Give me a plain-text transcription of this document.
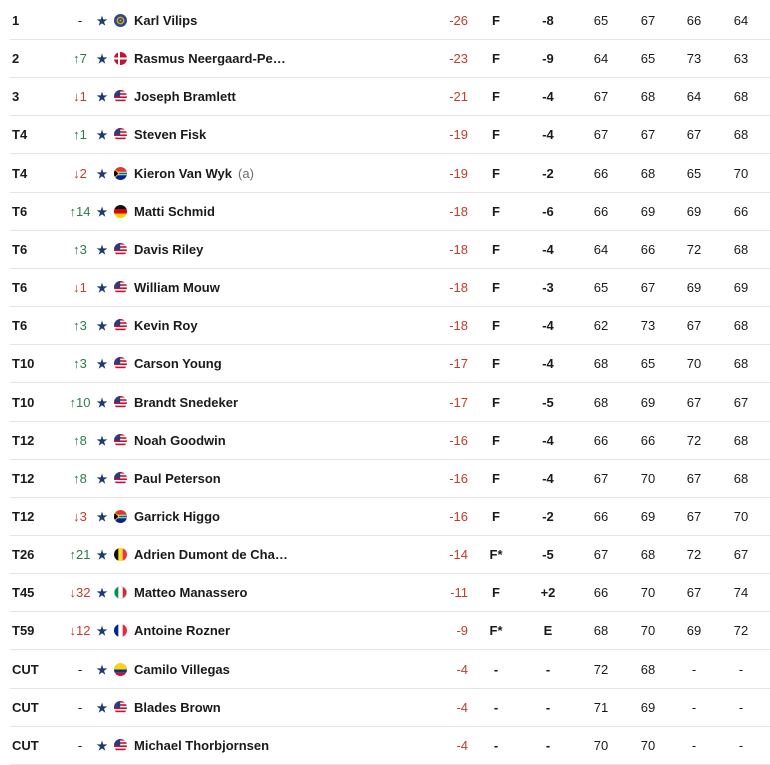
1	-	★ Karl Vilips	-26	F	-8	65	67	66	64
2	↑7 ★ Rasmus Neergaard-Pe…	-23	F	-9	64	65	73	63
3	↓1 ★ Joseph Bramlett	-21	F	-4	67	68	64	68
T4	↑1 ★ Steven Fisk	-19	F	-4	67	67	67	68
T4	↓2 ★ Kieron Van Wyk (a)	-19	F	-2	66	68	65	70
T6	↑14 ★ Matti Schmid	-18	F	-6	66	69	69	66
T6	↑3 ★ Davis Riley	-18	F	-4	64	66	72	68
T6	↓1 ★ William Mouw	-18	F	-3	65	67	69	69
T6	↑3 ★ Kevin Roy	-18	F	-4	62	73	67	68
T10	↑3 ★ Carson Young	-17	F	-4	68	65	70	68
T10	↑10 ★ Brandt Snedeker	-17	F	-5	68	69	67	67
T12	↑8 ★ Noah Goodwin	-16	F	-4	66	66	72	68
T12	↑8 ★ Paul Peterson	-16	F	-4	67	70	67	68
T12	↓3 ★ Garrick Higgo	-16	F	-2	66	69	67	70
T26	↑21 ★ Adrien Dumont de Cha…	-14	F*	-5	67	68	72	67
T45	↓32 ★ Matteo Manassero	-11	F	+2	66	70	67	74
T59	↓12 ★ Antoine Rozner	-9	F*	E	68	70	69	72
CUT	-	★ Camilo Villegas	-4	-	-	72	68	-	-
CUT	-	★ Blades Brown	-4	-	-	71	69	-	-
CUT	-	★ Michael Thorbjornsen	-4	-	-	70	70	-	-
